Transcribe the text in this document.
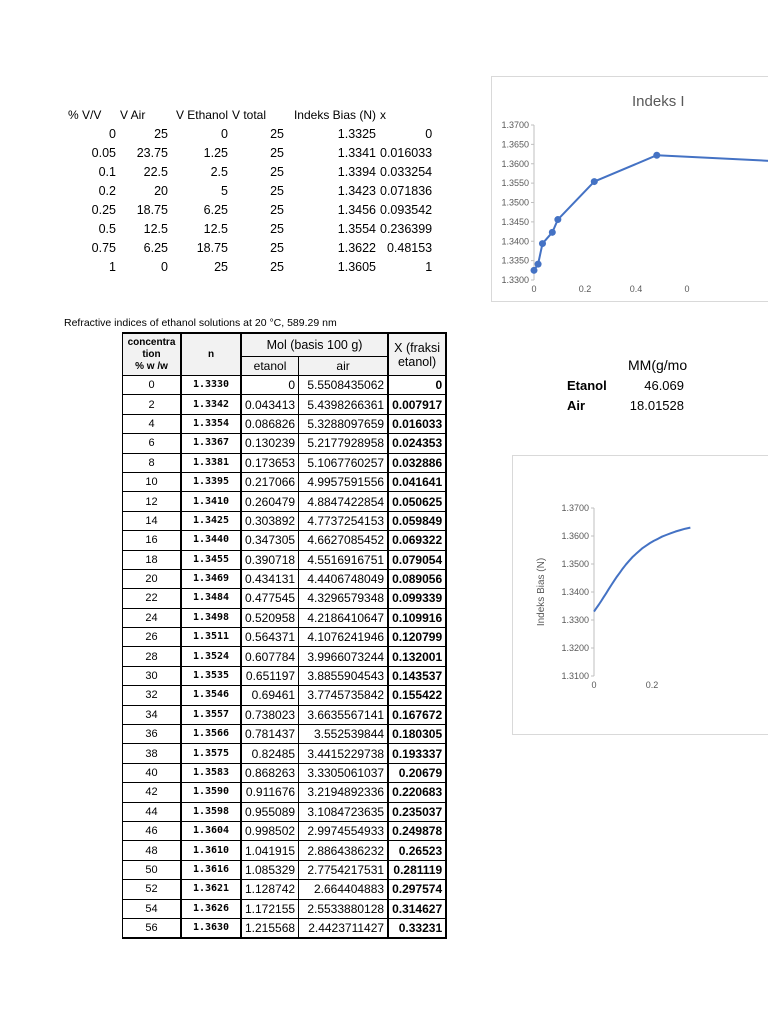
% V/V	V Air	V Ethanol	V total	Indeks Bias (N)	x
0	25	0	25	1.3325	0
0.05	23.75	1.25	25	1.3341	0.016033
0.1	22.5	2.5	25	1.3394	0.033254
0.2	20	5	25	1.3423	0.071836
0.25	18.75	6.25	25	1.3456	0.093542
0.5	12.5	12.5	25	1.3554	0.236399
0.75	6.25	18.75	25	1.3622	0.48153
1	0	25	25	1.3605	1
Indeks I
1.3700
1.3650
1.3600
1.3550
1.3500
1.3450
1.3400
1.3350
1.3300
0	0.2	0.4	0
Refractive indices of ethanol solutions at 20 °C, 589.29 nm
concentra
tion
% w /w	n	Mol (basis 100 g)		X (fraksi
etanol)
		etanol	air	
0	1.3330	0	5.5508435062	0
2	1.3342	0.043413	5.4398266361	0.007917
4	1.3354	0.086826	5.3288097659	0.016033
6	1.3367	0.130239	5.2177928958	0.024353
8	1.3381	0.173653	5.1067760257	0.032886
10	1.3395	0.217066	4.9957591556	0.041641
12	1.3410	0.260479	4.8847422854	0.050625
14	1.3425	0.303892	4.7737254153	0.059849
16	1.3440	0.347305	4.6627085452	0.069322
18	1.3455	0.390718	4.5516916751	0.079054
20	1.3469	0.434131	4.4406748049	0.089056
22	1.3484	0.477545	4.3296579348	0.099339
24	1.3498	0.520958	4.2186410647	0.109916
26	1.3511	0.564371	4.1076241946	0.120799
28	1.3524	0.607784	3.9966073244	0.132001
30	1.3535	0.651197	3.8855904543	0.143537
32	1.3546	0.69461	3.7745735842	0.155422
34	1.3557	0.738023	3.6635567141	0.167672
36	1.3566	0.781437	3.552539844	0.180305
38	1.3575	0.82485	3.4415229738	0.193337
40	1.3583	0.868263	3.3305061037	0.20679
42	1.3590	0.911676	3.2194892336	0.220683
44	1.3598	0.955089	3.1084723635	0.235037
46	1.3604	0.998502	2.9974554933	0.249878
48	1.3610	1.041915	2.8864386232	0.26523
50	1.3616	1.085329	2.7754217531	0.281119
52	1.3621	1.128742	2.664404883	0.297574
54	1.3626	1.172155	2.5533880128	0.314627
56	1.3630	1.215568	2.4423711427	0.33231
MM(g/mo
Etanol	46.069
Air	18.01528
1.3700
1.3600
1.3500
1.3400
1.3300
1.3200
1.3100
0	0.2
Indeks Bias (N)
